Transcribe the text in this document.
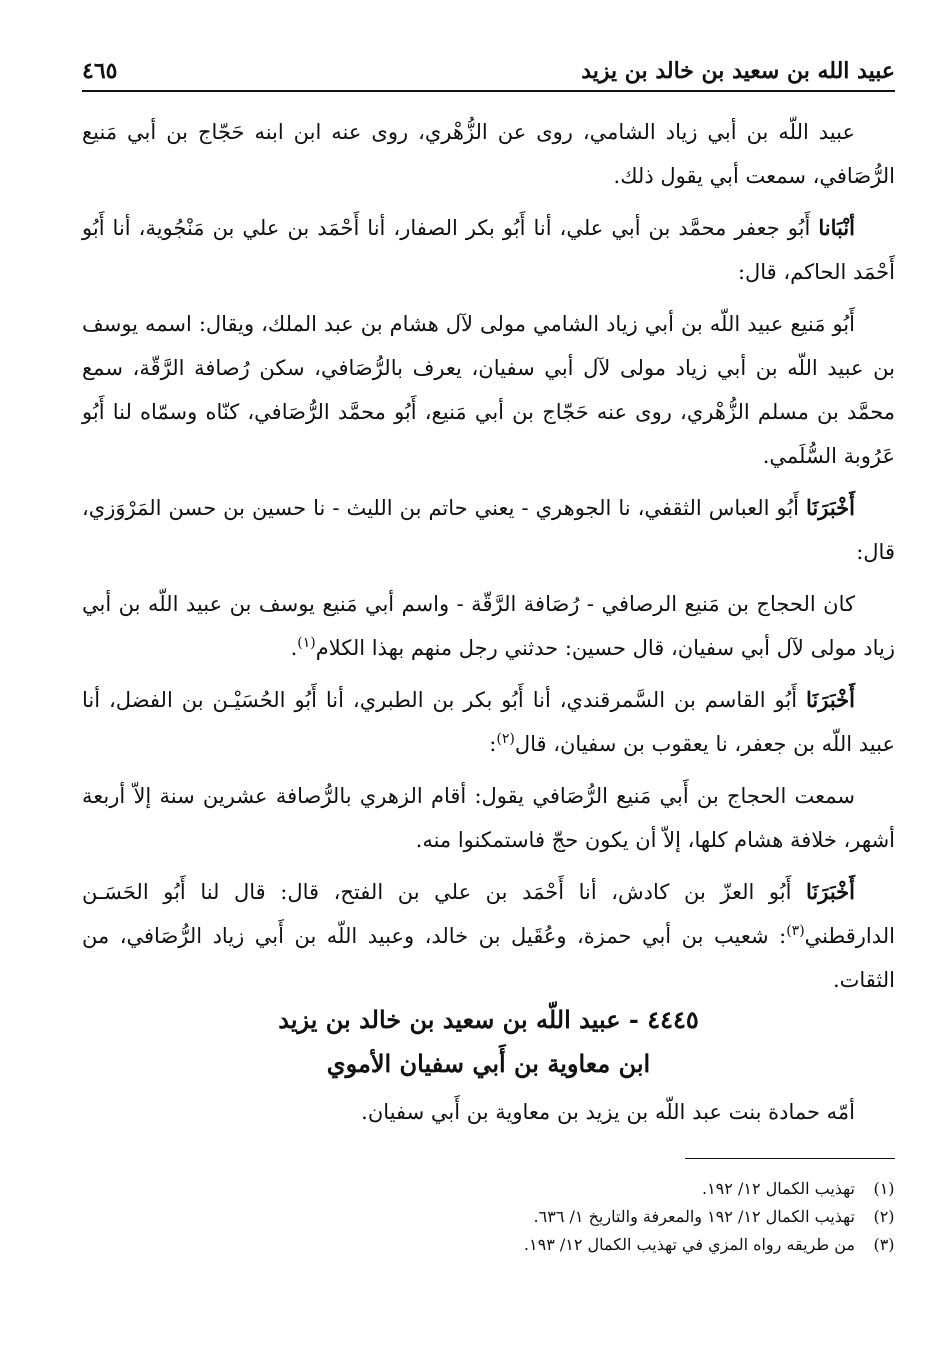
٤٦٥	عبيد الله بن سعيد بن خالد بن يزيد

عبيد اللّه بن أبي زياد الشامي، روى عن الزُّهْري، روى عنه ابن ابنه حَجّاج بن أبي مَنيع الرُّصَافي، سمعت أبي يقول ذلك.

أنْبَانا أَبُو جعفر محمَّد بن أبي علي، أنا أَبُو بكر الصفار، أنا أَحْمَد بن علي بن مَنْجُوية، أنا أَبُو أَحْمَد الحاكم، قال:

أَبُو مَنيع عبيد اللّه بن أبي زياد الشامي مولى لآل هشام بن عبد الملك، ويقال: اسمه يوسف بن عبيد اللّه بن أبي زياد مولى لآل أبي سفيان، يعرف بالرُّصَافي، سكن رُصافة الرَّقّة، سمع محمَّد بن مسلم الزُّهْري، روى عنه حَجّاج بن أبي مَنيع، أَبُو محمَّد الرُّصَافي، كنّاه وسمّاه لنا أَبُو عَرُوبة السُّلَمي.

أَخْبَرَنَا أَبُو العباس الثقفي، نا الجوهري - يعني حاتم بن الليث - نا حسين بن حسن المَرْوَزي، قال:

كان الحجاج بن مَنيع الرصافي - رُصَافة الرَّقّة - واسم أبي مَنيع يوسف بن عبيد اللّه بن أبي زياد مولى لآل أبي سفيان، قال حسين: حدثني رجل منهم بهذا الكلام$^{(١)}$.

أَخْبَرَنَا أَبُو القاسم بن السَّمرقندي، أنا أَبُو بكر بن الطبري، أنا أَبُو الحُسَيْـن بن الفضل، أنا عبيد اللّه بن جعفر، نا يعقوب بن سفيان، قال$^{(٢)}$:

سمعت الحجاج بن أَبي مَنيع الرُّصَافي يقول: أقام الزهري بالرُّصافة عشرين سنة إلاّ أربعة أشهر، خلافة هشام كلها، إلاّ أن يكون حجّ فاستمكنوا منه.

أَخْبَرَنَا أَبُو العزّ بن كادش، أنا أَحْمَد بن علي بن الفتح، قال: قال لنا أَبُو الحَسَـن الدارقطني$^{(٣)}$: شعيب بن أبي حمزة، وعُقَيل بن خالد، وعبيد اللّه بن أَبي زياد الرُّصَافي، من الثقات.

٤٤٤٥ - عبيد اللّه بن سعيد بن خالد بن يزيد
ابن معاوية بن أَبي سفيان الأموي

أمّه حمادة بنت عبد اللّه بن يزيد بن معاوية بن أَبي سفيان.

(١)
تهذيب الكمال ١٢/ ١٩٢.
(٢)
تهذيب الكمال ١٢/ ١٩٢ والمعرفة والتاريخ ١/ ٦٣٦.
(٣)
من طريقه رواه المزي في تهذيب الكمال ١٢/ ١٩٣.
